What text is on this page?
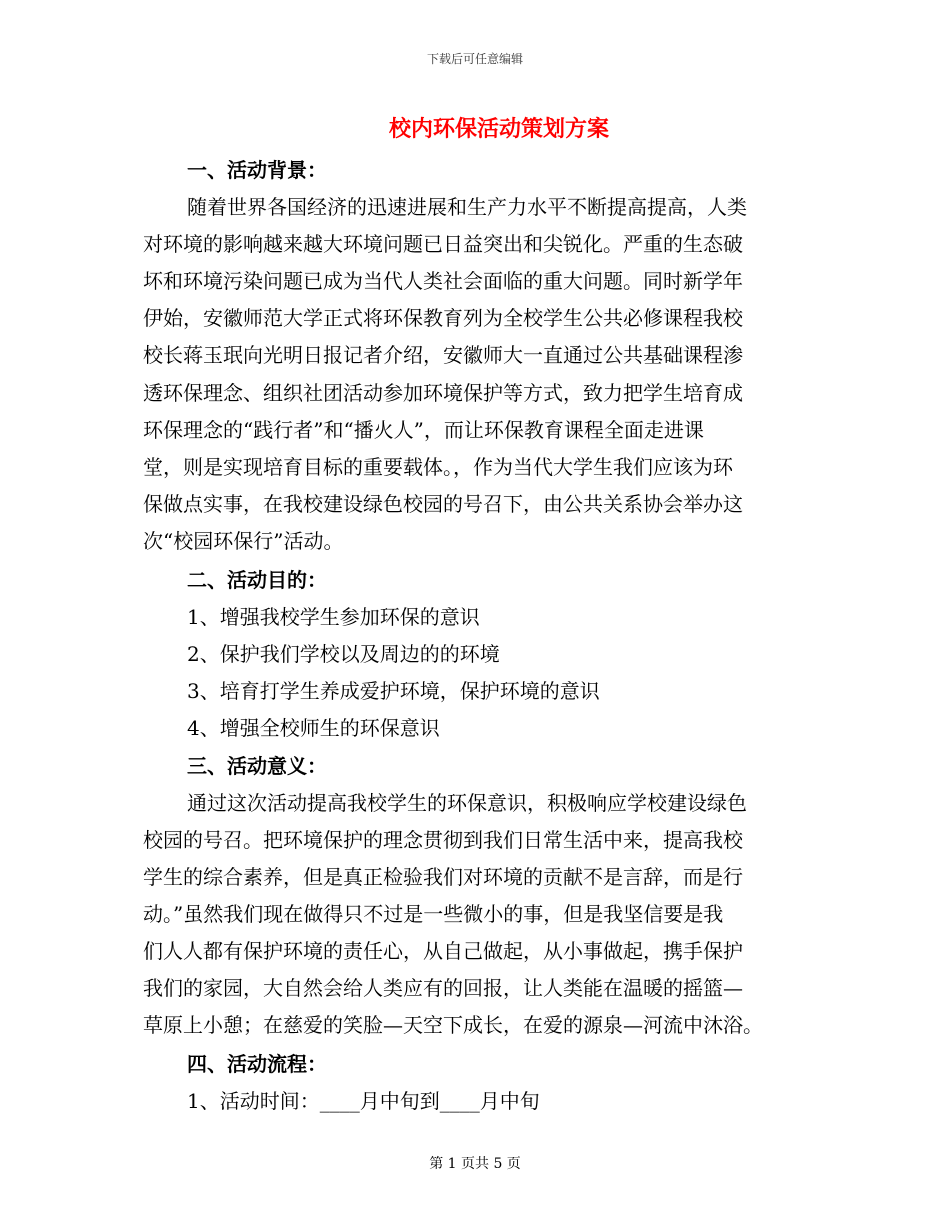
下载后可任意编辑
校内环保活动策划方案

一、活动背景：

随着世界各国经济的迅速进展和生产力水平不断提高提高，人类

对环境的影响越来越大环境问题已日益突出和尖锐化。严重的生态破

坏和环境污染问题已成为当代人类社会面临的重大问题。同时新学年

伊始，安徽师范大学正式将环保教育列为全校学生公共必修课程我校

校长蒋玉珉向光明日报记者介绍，安徽师大一直通过公共基础课程渗

透环保理念、组织社团活动参加环境保护等方式，致力把学生培育成

环保理念的“践行者”和“播火人”，而让环保教育课程全面走进课

堂，则是实现培育目标的重要载体。，作为当代大学生我们应该为环

保做点实事，在我校建设绿色校园的号召下，由公共关系协会举办这

次“校园环保行”活动。

二、活动目的：

1、增强我校学生参加环保的意识

2、保护我们学校以及周边的的环境

3、培育打学生养成爱护环境，保护环境的意识

4、增强全校师生的环保意识

三、活动意义：

通过这次活动提高我校学生的环保意识，积极响应学校建设绿色

校园的号召。把环境保护的理念贯彻到我们日常生活中来，提高我校

学生的综合素养，但是真正检验我们对环境的贡献不是言辞，而是行

动。”虽然我们现在做得只不过是一些微小的事，但是我坚信要是我

们人人都有保护环境的责任心，从自己做起，从小事做起，携手保护

我们的家园，大自然会给人类应有的回报，让人类能在温暖的摇篮—

草原上小憩；在慈爱的笑脸—天空下成长，在爱的源泉—河流中沐浴。

四、活动流程：

1、活动时间：____月中旬到____月中旬

第 1 页共 5 页
